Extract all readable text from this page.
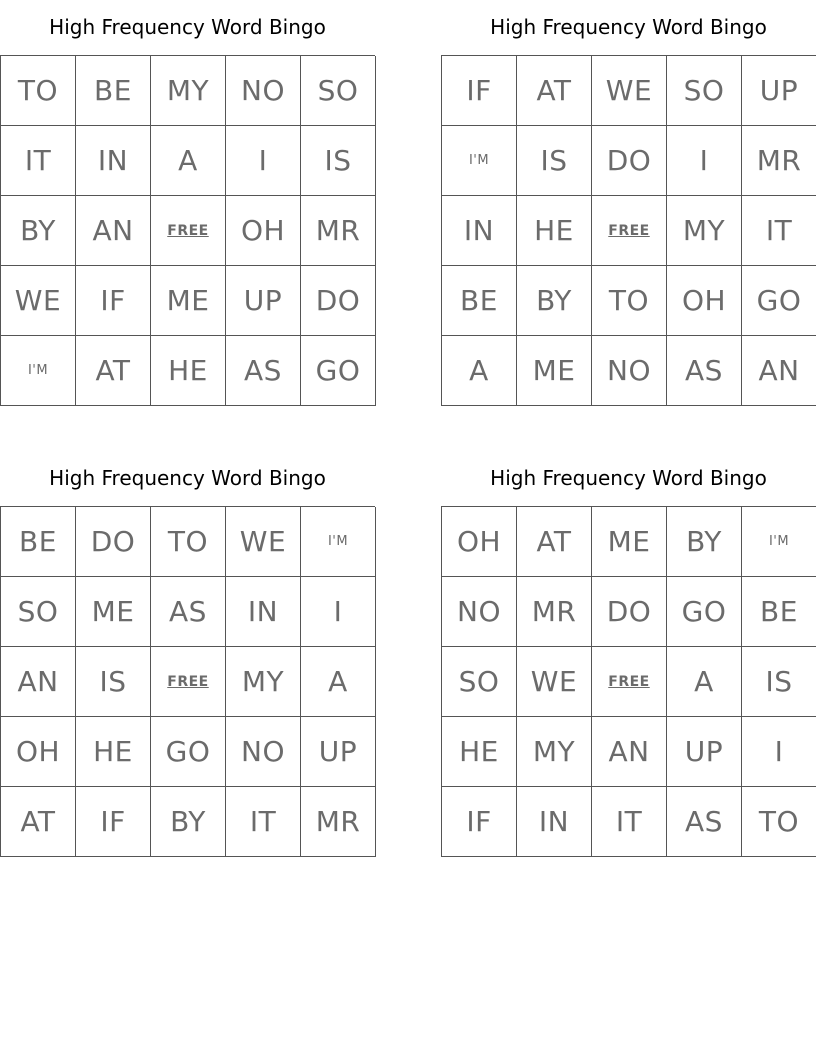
High Frequency Word Bingo
TO	BE	MY	NO	SO
IT	IN	A	I	IS
BY	AN	FREE	OH	MR
WE	IF	ME	UP	DO
I'M	AT	HE	AS	GO
High Frequency Word Bingo
IF	AT	WE	SO	UP
I'M	IS	DO	I	MR
IN	HE	FREE	MY	IT
BE	BY	TO	OH	GO
A	ME	NO	AS	AN
High Frequency Word Bingo
BE	DO	TO	WE	I'M
SO	ME	AS	IN	I
AN	IS	FREE	MY	A
OH	HE	GO	NO	UP
AT	IF	BY	IT	MR
High Frequency Word Bingo
OH	AT	ME	BY	I'M
NO	MR	DO	GO	BE
SO	WE	FREE	A	IS
HE	MY	AN	UP	I
IF	IN	IT	AS	TO
